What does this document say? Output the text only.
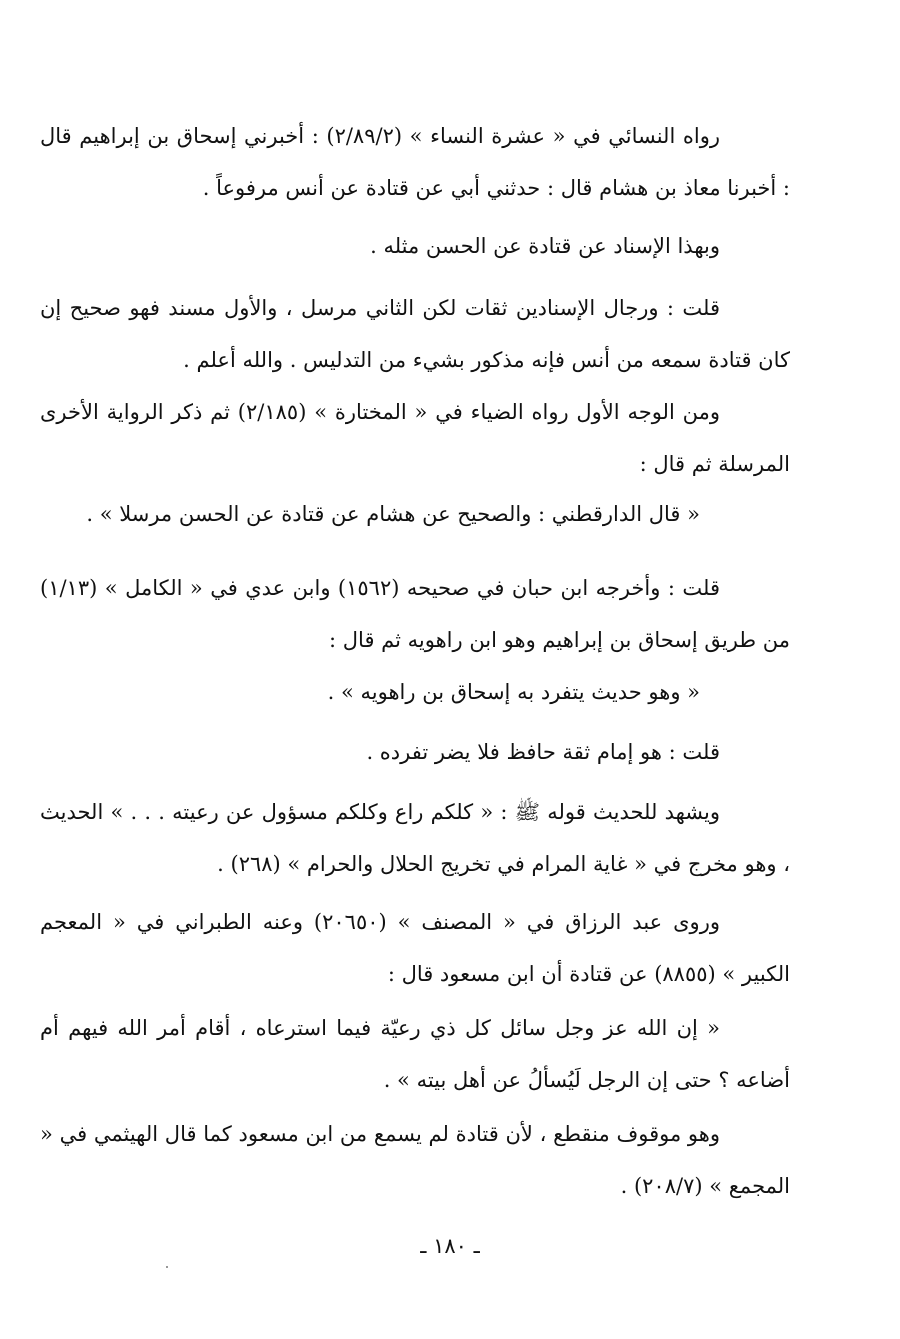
رواه النسائي في « عشرة النساء » (٢/٨٩/٢) : أخبرني إسحاق بن إبراهيم قال : أخبرنا معاذ بن هشام قال : حدثني أبي عن قتادة عن أنس مرفوعاً .

وبهذا الإسناد عن قتادة عن الحسن مثله .

قلت : ورجال الإسنادين ثقات لكن الثاني مرسل ، والأول مسند فهو صحيح إن كان قتادة سمعه من أنس فإنه مذكور بشيء من التدليس . والله أعلم .

ومن الوجه الأول رواه الضياء في « المختارة » (٢/١٨٥) ثم ذكر الرواية الأخرى المرسلة ثم قال :

« قال الدارقطني : والصحيح عن هشام عن قتادة عن الحسن مرسلا » .

قلت : وأخرجه ابن حبان في صحيحه (١٥٦٢) وابن عدي في « الكامل » (١/١٣) من طريق إسحاق بن إبراهيم وهو ابن راهويه ثم قال :

« وهو حديث يتفرد به إسحاق بن راهويه » .

قلت : هو إمام ثقة حافظ فلا يضر تفرده .

ويشهد للحديث قوله ﷺ : « كلكم راع وكلكم مسؤول عن رعيته . . . » الحديث ، وهو مخرج في « غاية المرام في تخريج الحلال والحرام » (٢٦٨) .

وروى عبد الرزاق في « المصنف » (٢٠٦٥٠) وعنه الطبراني في « المعجم الكبير » (٨٨٥٥) عن قتادة أن ابن مسعود قال :

« إن الله عز وجل سائل كل ذي رعيّة فيما استرعاه ، أقام أمر الله فيهم أم أضاعه ؟ حتى إن الرجل لَيُسألُ عن أهل بيته » .

وهو موقوف منقطع ، لأن قتادة لم يسمع من ابن مسعود كما قال الهيثمي في « المجمع » (٢٠٨/٧) .

ـ ١٨٠ ـ
